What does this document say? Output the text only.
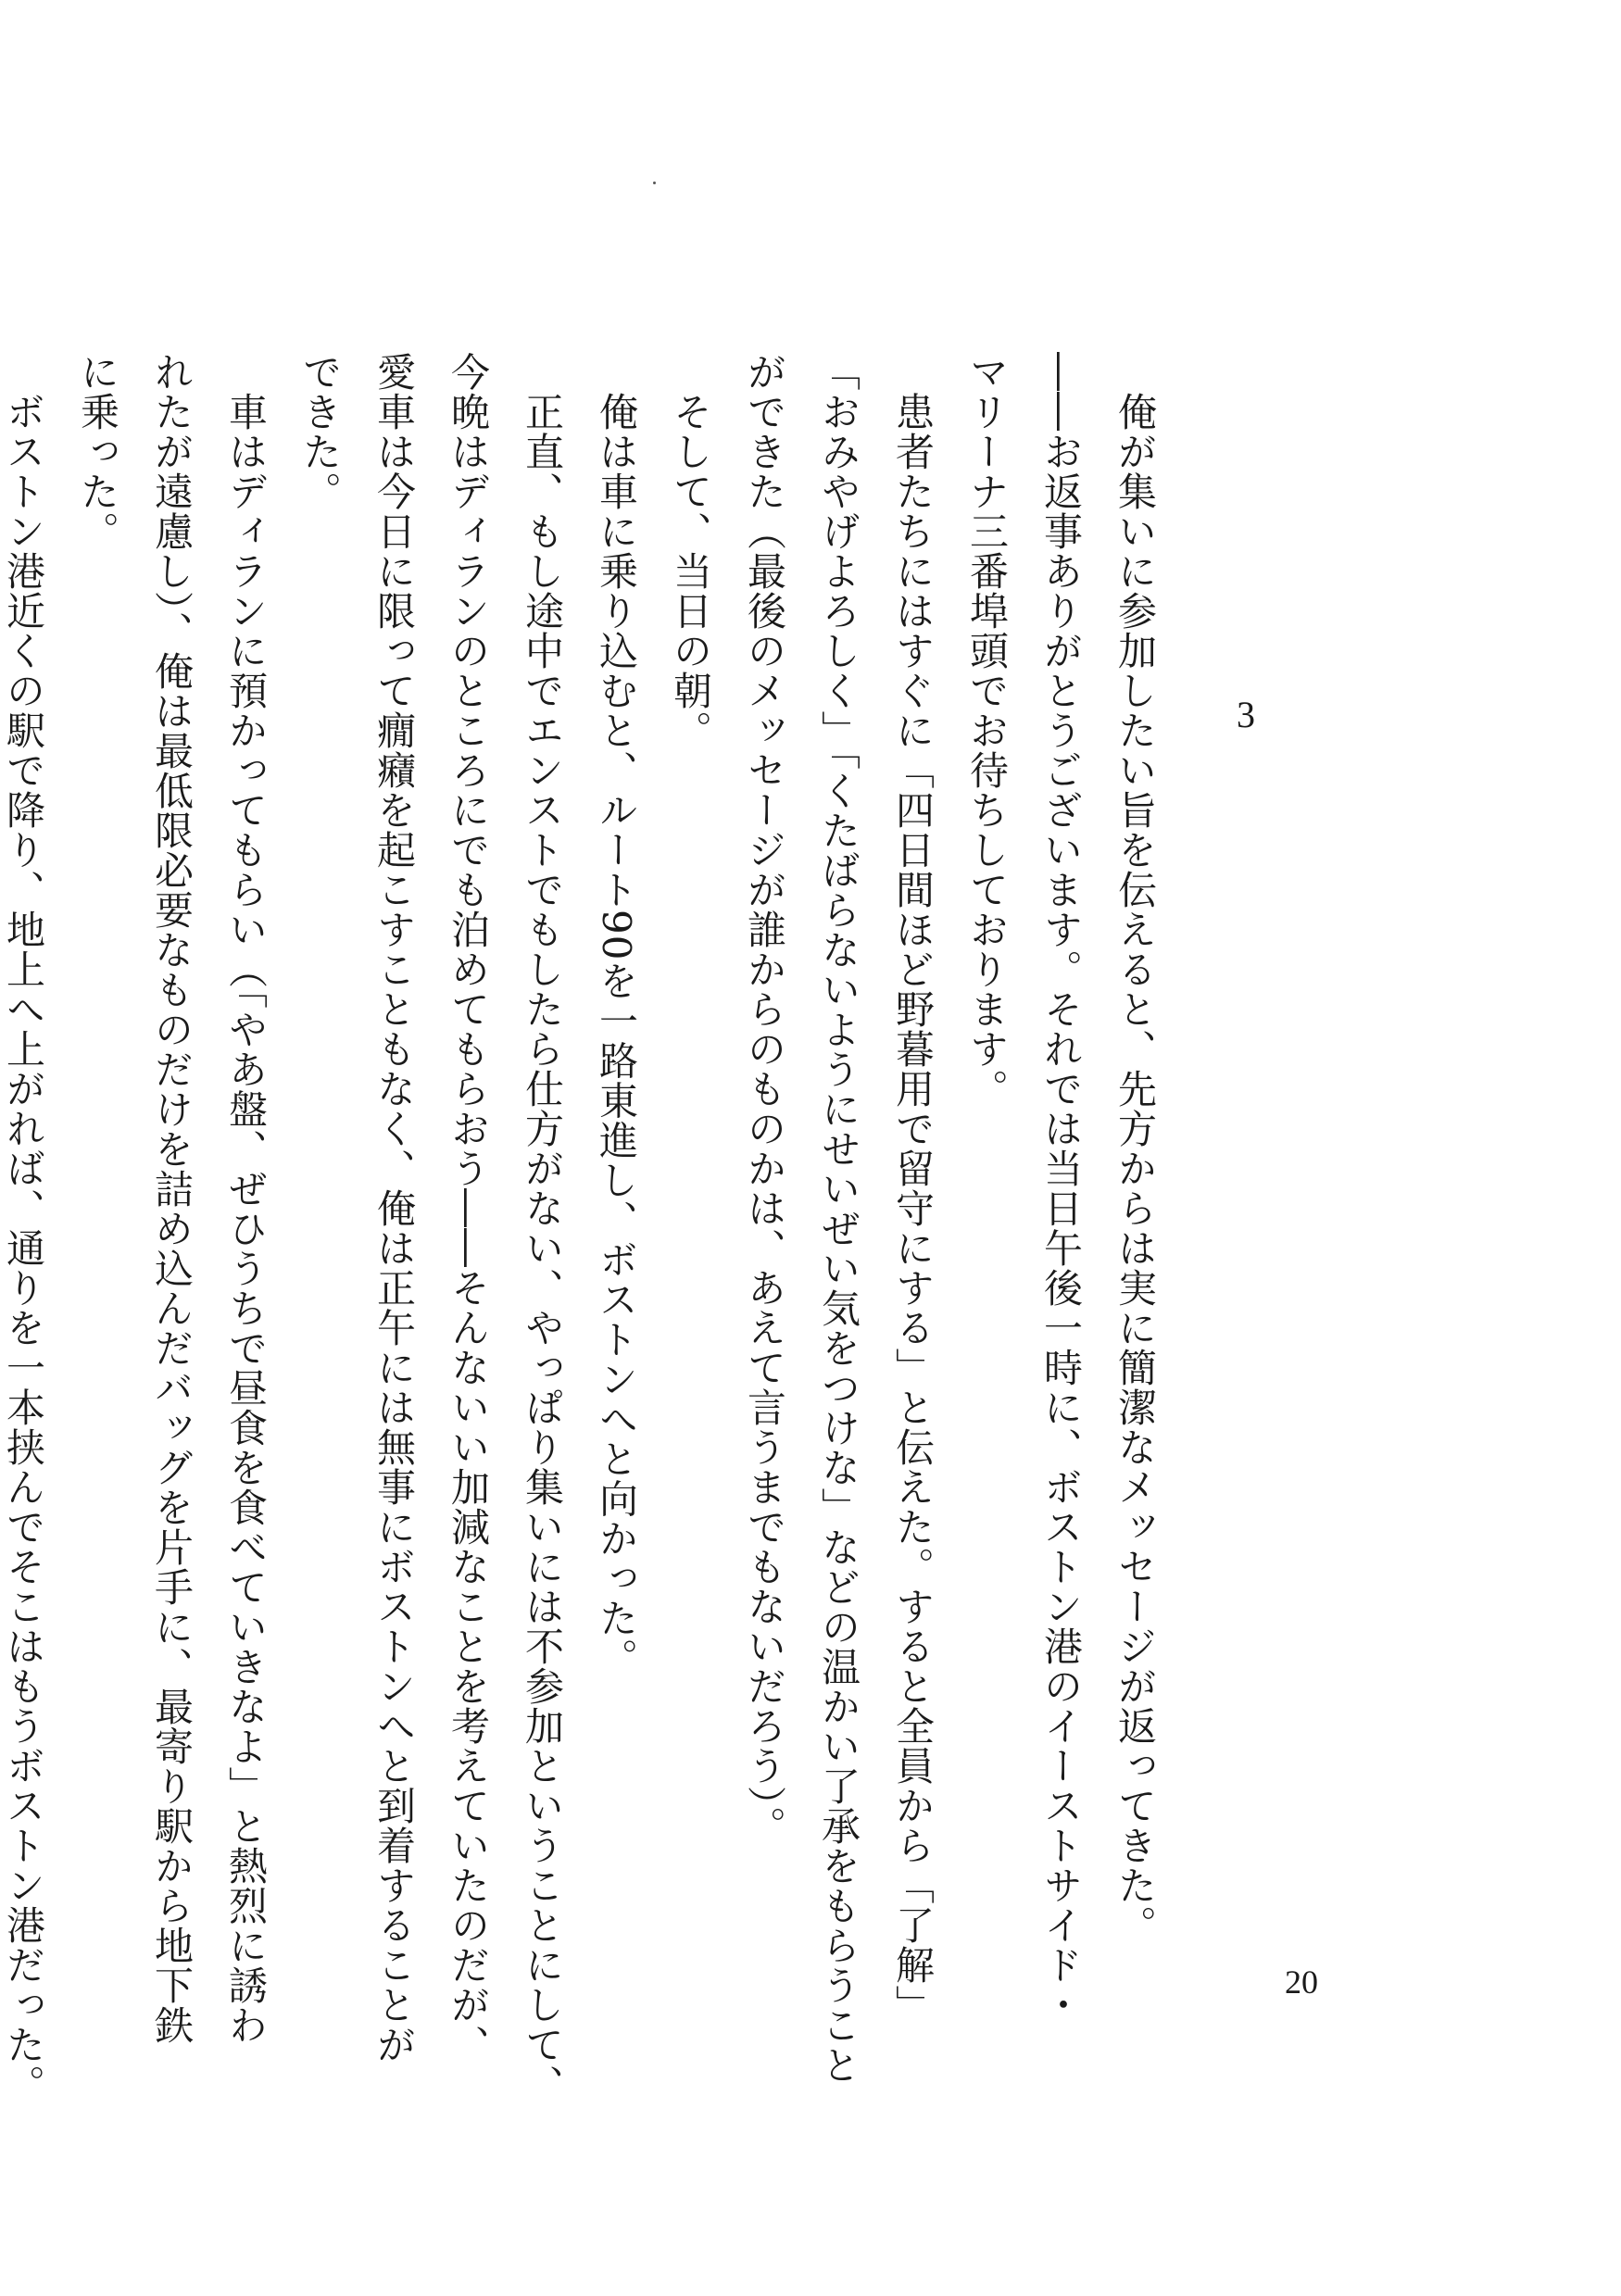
3

　俺が集いに参加したい旨を伝えると、先方からは実に簡潔なメッセージが返ってきた。

――お返事ありがとうございます。それでは当日午後一時に、ボストン港のイーストサイド・

マリーナ三番埠頭でお待ちしております。

　患者たちにはすぐに「四日間ほど野暮用で留守にする」と伝えた。すると全員から「了解」

「おみやげよろしく」「くたばらないようにせいぜい気をつけな」などの温かい了承をもらうこと

ができた（最後のメッセージが誰からのものかは、あえて言うまでもないだろう）。

　そして、当日の朝。

　俺は車に乗り込むと、ルート90を一路東進し、ボストンへと向かった。

　正直、もし途中でエンストでもしたら仕方がない、やっぱり集いには不参加ということにして、

今晩はディランのところにでも泊めてもらおう――そんないい加減なことを考えていたのだが、

愛車は今日に限って癇癪を起こすこともなく、俺は正午には無事にボストンへと到着することが

できた。

　車はディランに預かってもらい（「やあ盤、ぜひうちで昼食を食べていきなよ」と熱烈に誘わ

れたが遠慮し）、俺は最低限必要なものだけを詰め込んだバッグを片手に、最寄り駅から地下鉄

に乗った。

　ボストン港近くの駅で降り、地上へ上がれば、通りを一本挟んでそこはもうボストン港だった。	20
